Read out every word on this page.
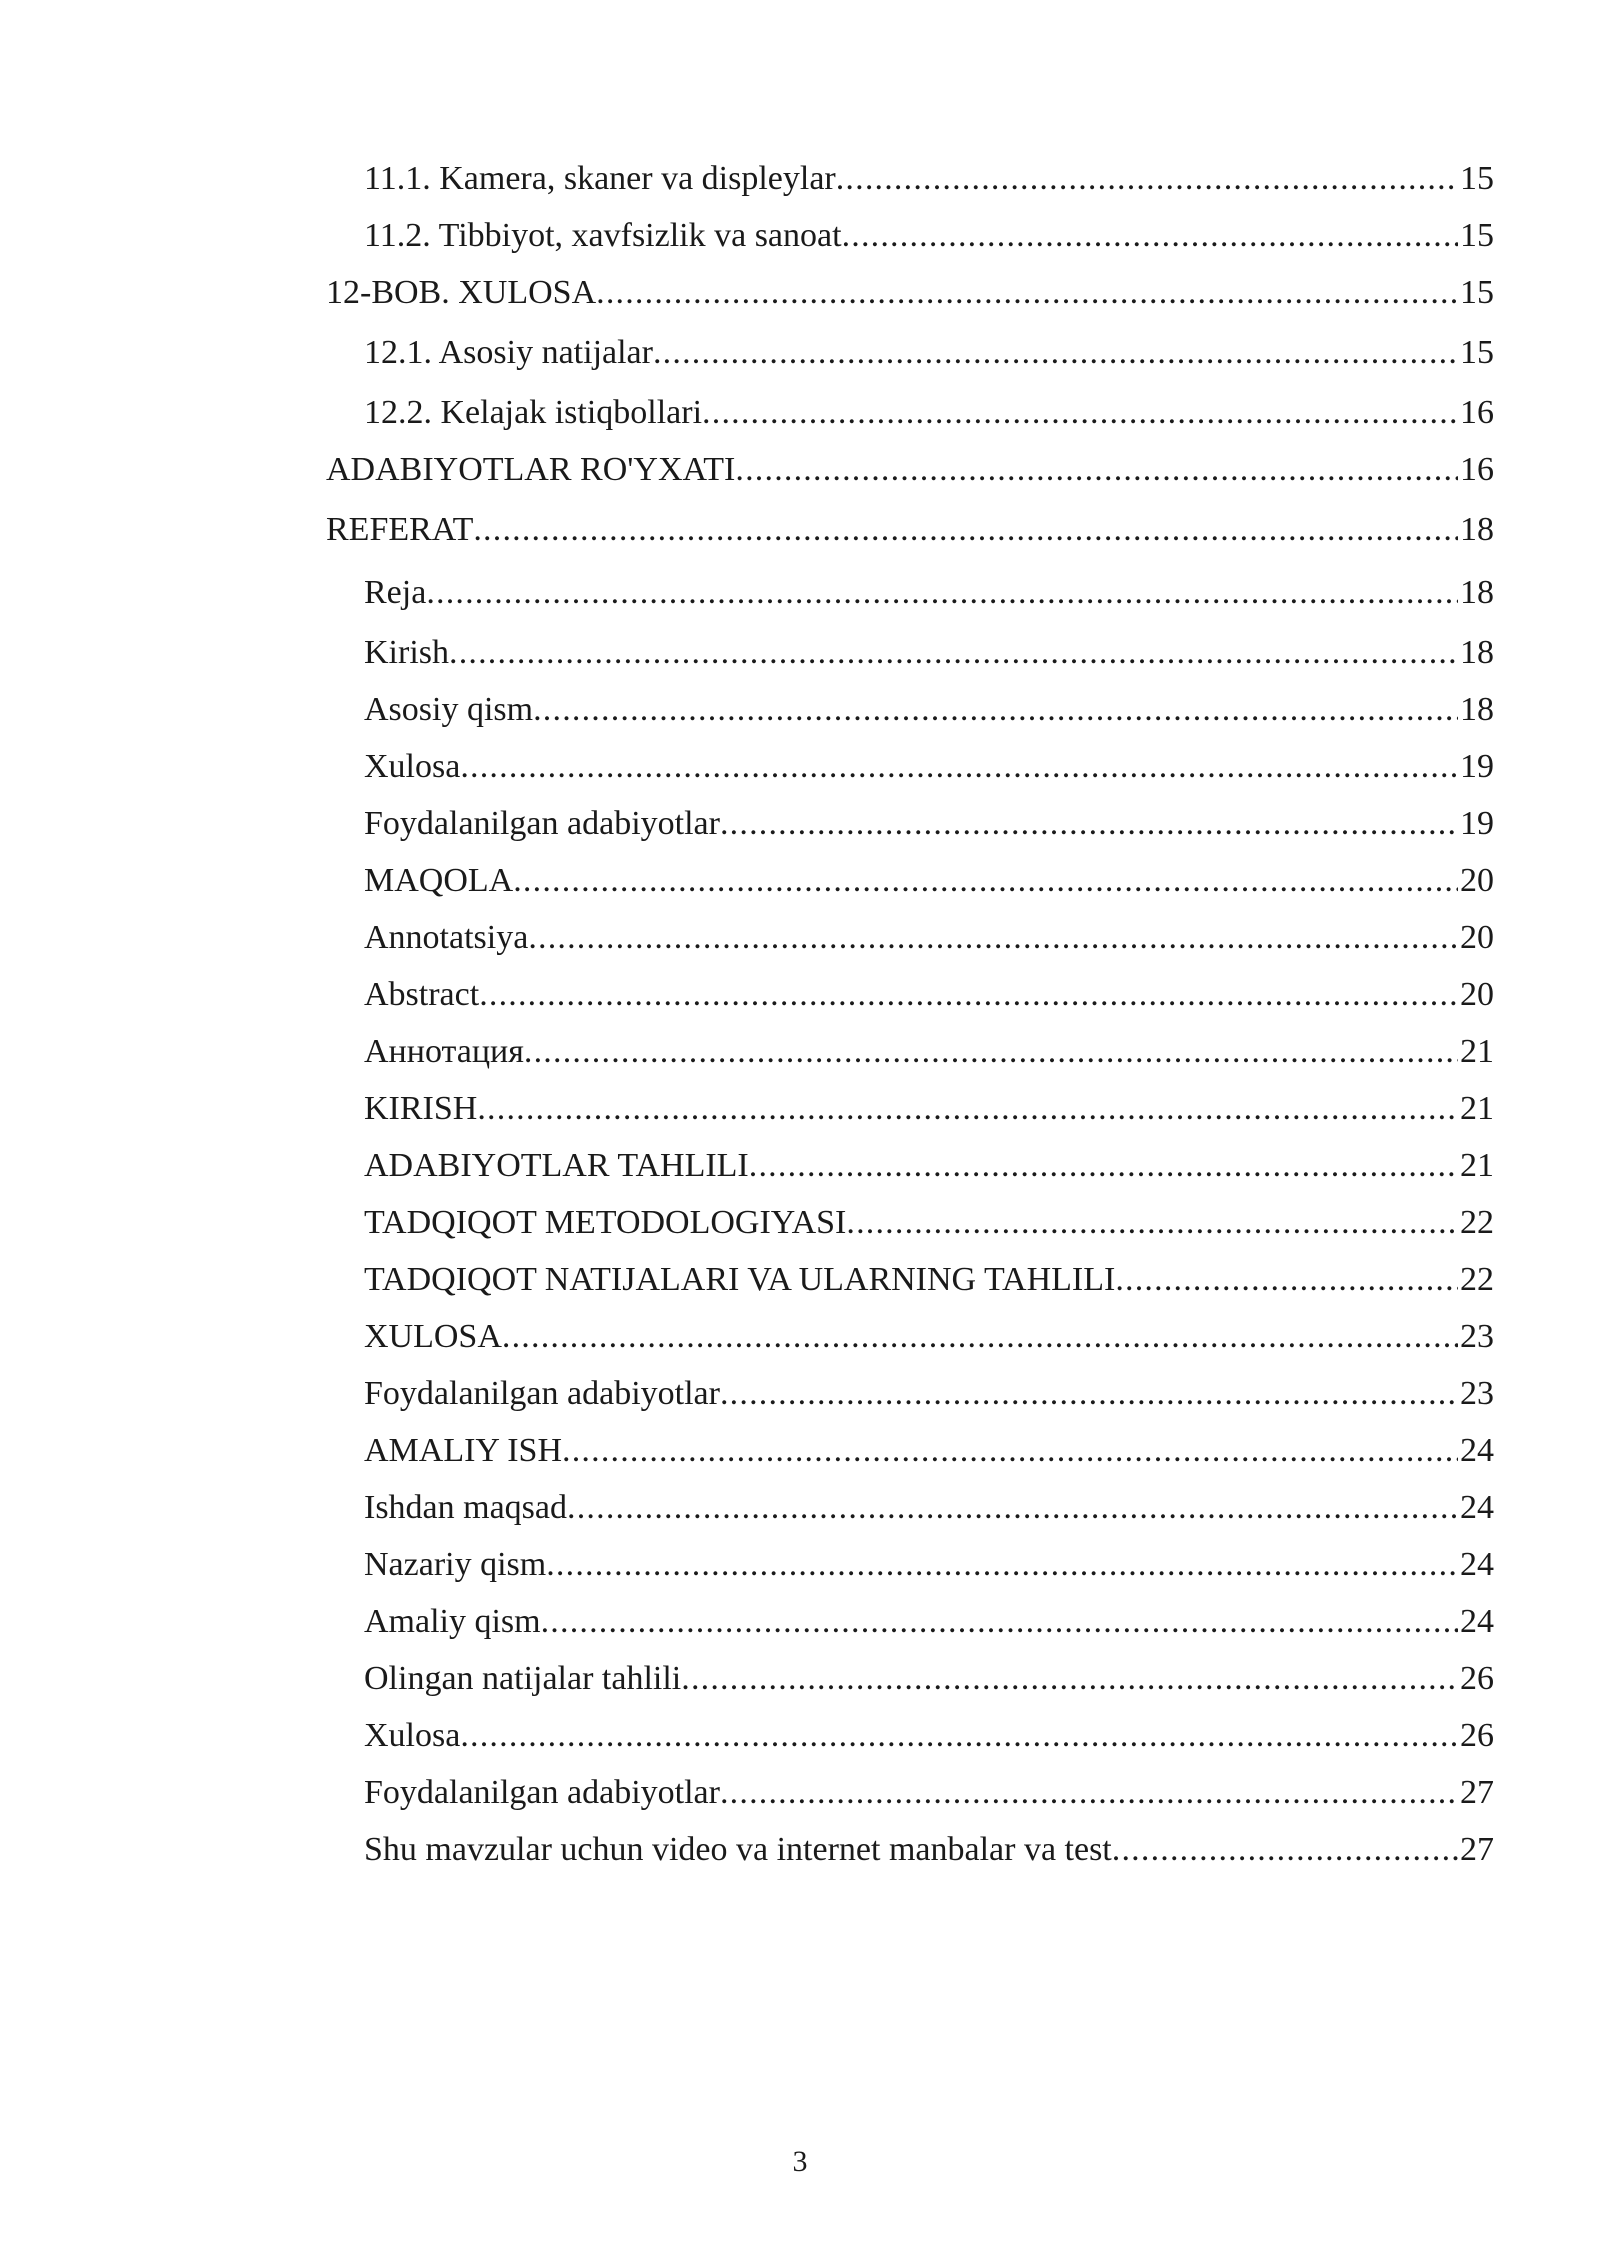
11.1. Kamera, skaner va displeylar .....	15
11.2. Tibbiyot, xavfsizlik va sanoat .....	15
12-BOB. XULOSA .....	15
12.1. Asosiy natijalar .....	15
12.2. Kelajak istiqbollari .....	16
ADABIYOTLAR RO'YXATI .....	16
REFERAT .....	18
Reja .....	18
Kirish .....	18
Asosiy qism .....	18
Xulosa .....	19
Foydalanilgan adabiyotlar .....	19
MAQOLA .....	20
Annotatsiya .....	20
Abstract .....	20
Аннотация .....	21
KIRISH .....	21
ADABIYOTLAR TAHLILI .....	21
TADQIQOT METODOLOGIYASI .....	22
TADQIQOT NATIJALARI VA ULARNING TAHLILI .....	22
XULOSA .....	23
Foydalanilgan adabiyotlar .....	23
AMALIY ISH .....	24
Ishdan maqsad .....	24
Nazariy qism .....	24
Amaliy qism .....	24
Olingan natijalar tahlili .....	26
Xulosa .....	26
Foydalanilgan adabiyotlar .....	27
Shu mavzular uchun video va internet manbalar va test .....	27
3
